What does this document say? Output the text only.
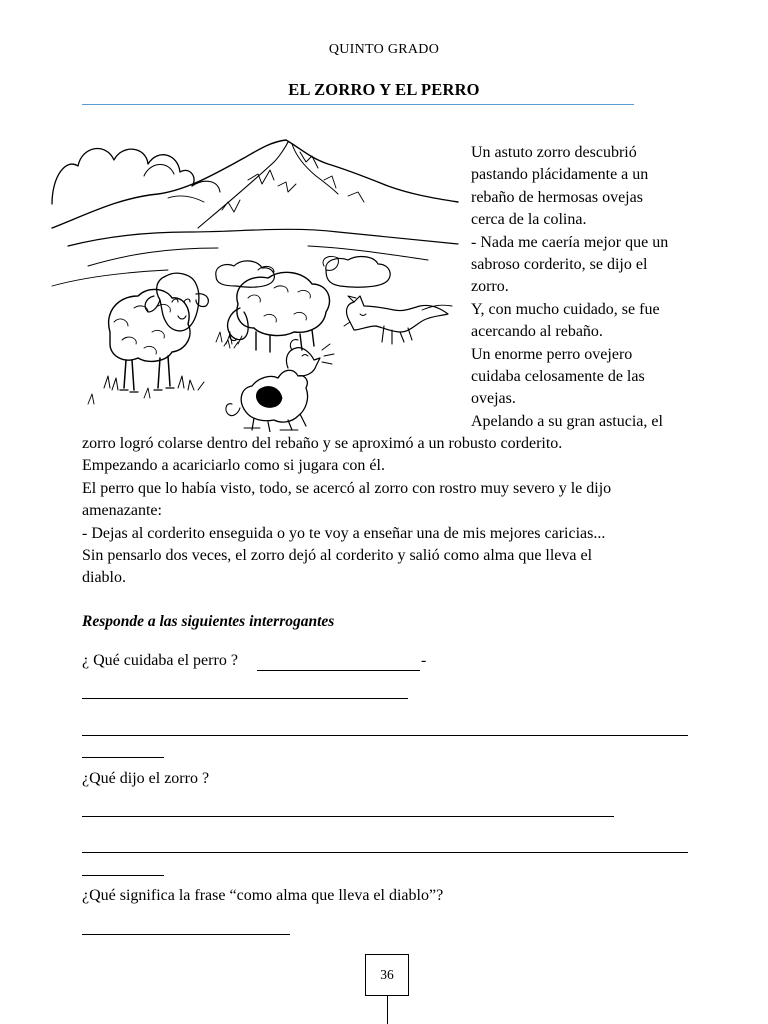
QUINTO GRADO
EL ZORRO Y EL PERRO
Un astuto zorro descubrió
pastando plácidamente a un
rebaño de hermosas ovejas
cerca de la colina.
- Nada me caería mejor que un
sabroso corderito, se dijo el
zorro.
Y, con mucho cuidado, se fue
acercando al rebaño.
Un enorme perro ovejero
cuidaba celosamente de las
ovejas.
Apelando a su gran astucia, el
zorro logró colarse dentro del rebaño y se aproximó a un robusto corderito.
Empezando a acariciarlo como si jugara con él.
El perro que lo había visto, todo, se acercó al zorro con rostro muy severo y le dijo
amenazante:
- Dejas al corderito enseguida o yo te voy a enseñar una de mis mejores caricias...
Sin pensarlo dos veces, el zorro dejó al corderito y salió como alma que lleva el
diablo.
Responde a las siguientes interrogantes
¿ Qué cuidaba el perro ?	-
¿Qué dijo el zorro ?
¿Qué significa la frase “como alma que lleva el diablo”?
36
